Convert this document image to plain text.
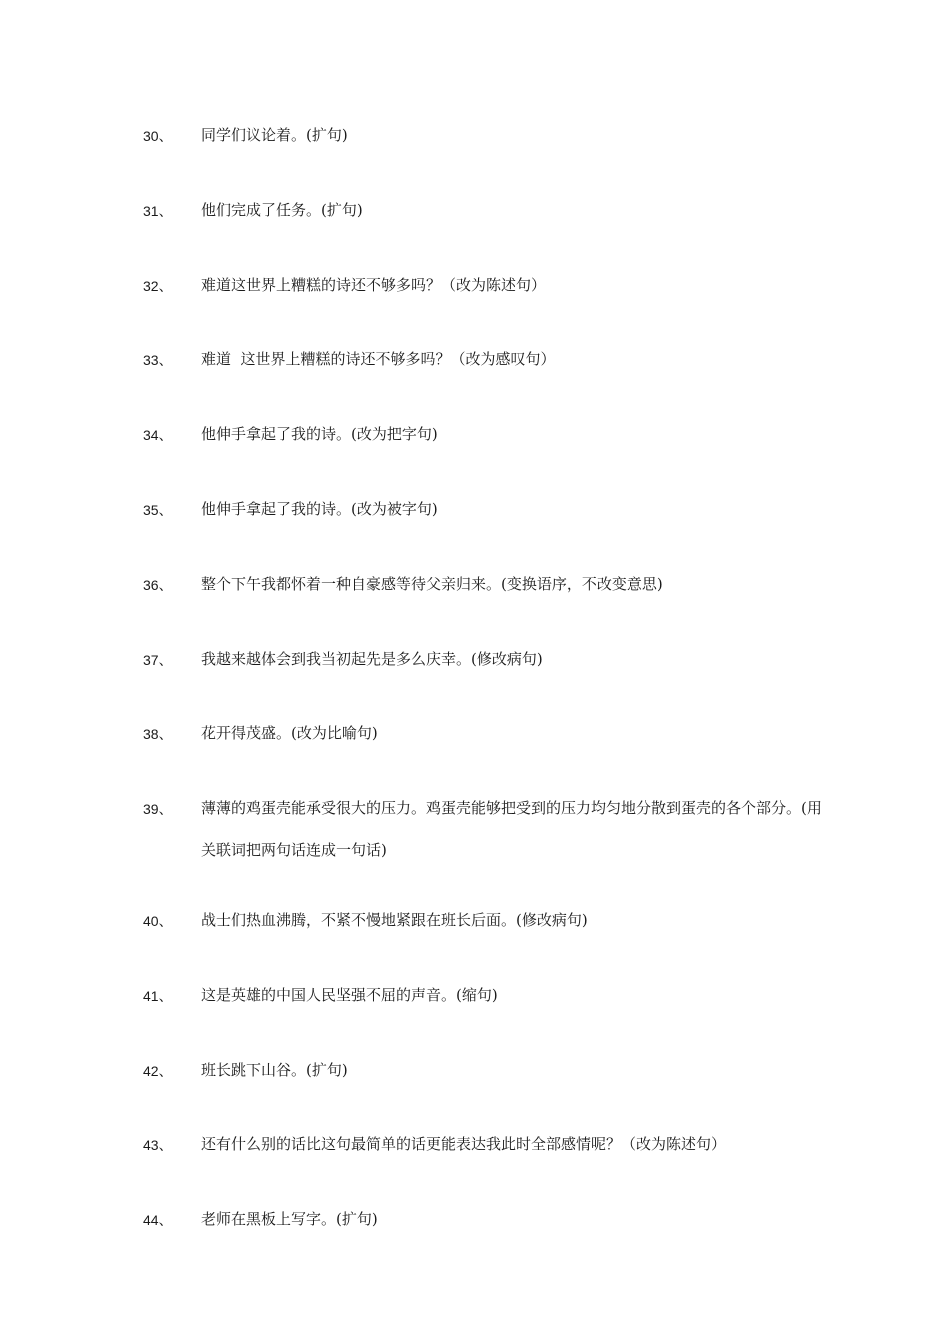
30、	同学们议论着。(扩句)
31、	他们完成了任务。(扩句)
32、	难道这世界上糟糕的诗还不够多吗？（改为陈述句）
33、	难道  这世界上糟糕的诗还不够多吗？（改为感叹句）
34、	他伸手拿起了我的诗。(改为把字句)
35、	他伸手拿起了我的诗。(改为被字句)
36、	整个下午我都怀着一种自豪感等待父亲归来。(变换语序，不改变意思)
37、	我越来越体会到我当初起先是多么庆幸。(修改病句)
38、	花开得茂盛。(改为比喻句)
39、	薄薄的鸡蛋壳能承受很大的压力。鸡蛋壳能够把受到的压力均匀地分散到蛋壳的各个部分。(用关联词把两句话连成一句话)
40、	战士们热血沸腾，不紧不慢地紧跟在班长后面。(修改病句)
41、	这是英雄的中国人民坚强不屈的声音。(缩句)
42、	班长跳下山谷。(扩句)
43、	还有什么别的话比这句最简单的话更能表达我此时全部感情呢？（改为陈述句）
44、	老师在黑板上写字。(扩句)
